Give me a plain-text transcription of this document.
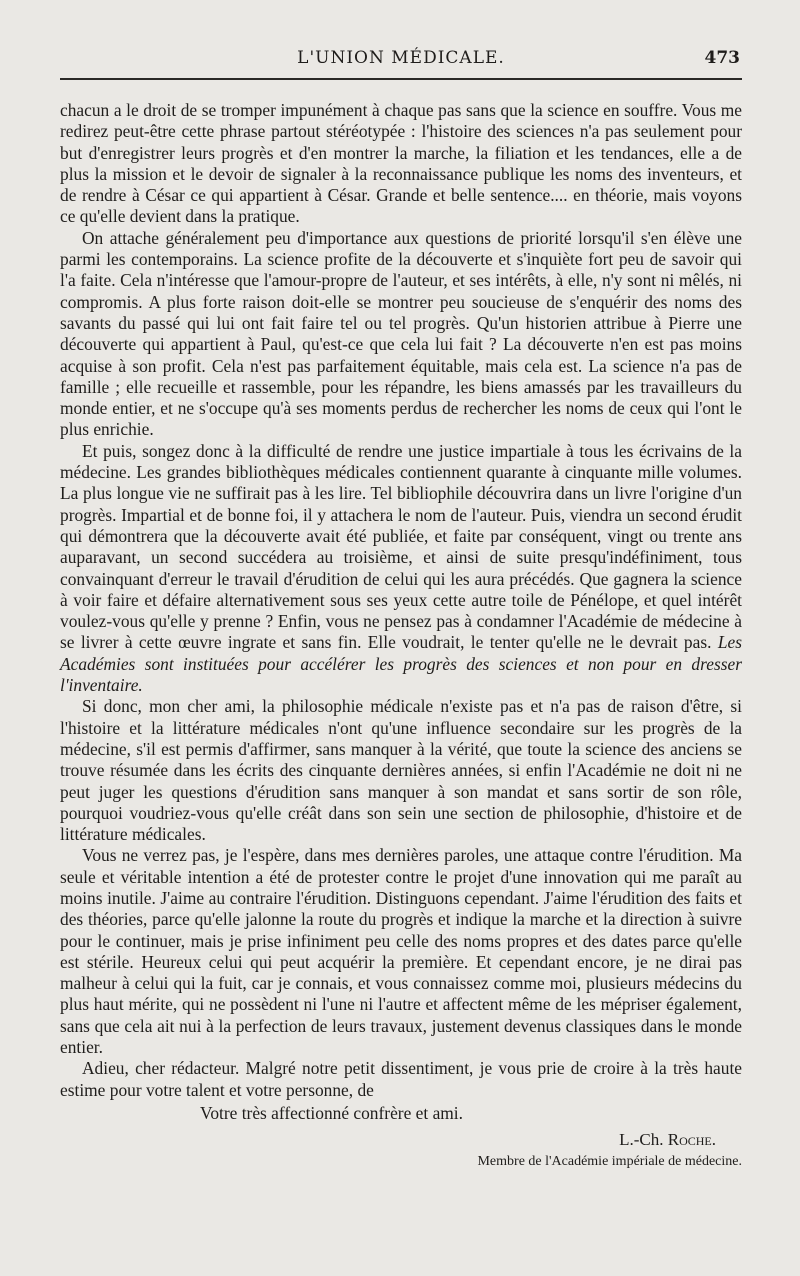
L'UNION MÉDICALE.	473

chacun a le droit de se tromper impunément à chaque pas sans que la science en souffre. Vous me redirez peut-être cette phrase partout stéréotypée : l'histoire des sciences n'a pas seulement pour but d'enregistrer leurs progrès et d'en montrer la marche, la filiation et les tendances, elle a de plus la mission et le devoir de signaler à la reconnaissance publique les noms des inventeurs, et de rendre à César ce qui appartient à César. Grande et belle sentence.... en théorie, mais voyons ce qu'elle devient dans la pratique.

On attache généralement peu d'importance aux questions de priorité lorsqu'il s'en élève une parmi les contemporains. La science profite de la découverte et s'inquiète fort peu de savoir qui l'a faite. Cela n'intéresse que l'amour-propre de l'auteur, et ses intérêts, à elle, n'y sont ni mêlés, ni compromis. A plus forte raison doit-elle se montrer peu soucieuse de s'enquérir des noms des savants du passé qui lui ont fait faire tel ou tel progrès. Qu'un historien attribue à Pierre une découverte qui appartient à Paul, qu'est-ce que cela lui fait ? La découverte n'en est pas moins acquise à son profit. Cela n'est pas parfaitement équitable, mais cela est. La science n'a pas de famille ; elle recueille et rassemble, pour les répandre, les biens amassés par les travailleurs du monde entier, et ne s'occupe qu'à ses moments perdus de rechercher les noms de ceux qui l'ont le plus enrichie.

Et puis, songez donc à la difficulté de rendre une justice impartiale à tous les écrivains de la médecine. Les grandes bibliothèques médicales contiennent quarante à cinquante mille volumes. La plus longue vie ne suffirait pas à les lire. Tel bibliophile découvrira dans un livre l'origine d'un progrès. Impartial et de bonne foi, il y attachera le nom de l'auteur. Puis, viendra un second érudit qui démontrera que la découverte avait été publiée, et faite par conséquent, vingt ou trente ans auparavant, un second succédera au troisième, et ainsi de suite presqu'indéfiniment, tous convainquant d'erreur le travail d'érudition de celui qui les aura précédés. Que gagnera la science à voir faire et défaire alternativement sous ses yeux cette autre toile de Pénélope, et quel intérêt voulez-vous qu'elle y prenne ? Enfin, vous ne pensez pas à condamner l'Académie de médecine à se livrer à cette œuvre ingrate et sans fin. Elle voudrait, le tenter qu'elle ne le devrait pas. Les Académies sont instituées pour accélérer les progrès des sciences et non pour en dresser l'inventaire.

Si donc, mon cher ami, la philosophie médicale n'existe pas et n'a pas de raison d'être, si l'histoire et la littérature médicales n'ont qu'une influence secondaire sur les progrès de la médecine, s'il est permis d'affirmer, sans manquer à la vérité, que toute la science des anciens se trouve résumée dans les écrits des cinquante dernières années, si enfin l'Académie ne doit ni ne peut juger les questions d'érudition sans manquer à son mandat et sans sortir de son rôle, pourquoi voudriez-vous qu'elle créât dans son sein une section de philosophie, d'histoire et de littérature médicales.

Vous ne verrez pas, je l'espère, dans mes dernières paroles, une attaque contre l'érudition. Ma seule et véritable intention a été de protester contre le projet d'une innovation qui me paraît au moins inutile. J'aime au contraire l'érudition. Distinguons cependant. J'aime l'érudition des faits et des théories, parce qu'elle jalonne la route du progrès et indique la marche et la direction à suivre pour le continuer, mais je prise infiniment peu celle des noms propres et des dates parce qu'elle est stérile. Heureux celui qui peut acquérir la première. Et cependant encore, je ne dirai pas malheur à celui qui la fuit, car je connais, et vous connaissez comme moi, plusieurs médecins du plus haut mérite, qui ne possèdent ni l'une ni l'autre et affectent même de les mépriser également, sans que cela ait nui à la perfection de leurs travaux, justement devenus classiques dans le monde entier.

Adieu, cher rédacteur. Malgré notre petit dissentiment, je vous prie de croire à la très haute estime pour votre talent et votre personne, de

Votre très affectionné confrère et ami.

L.-Ch. Roche.
Membre de l'Académie impériale de médecine.
